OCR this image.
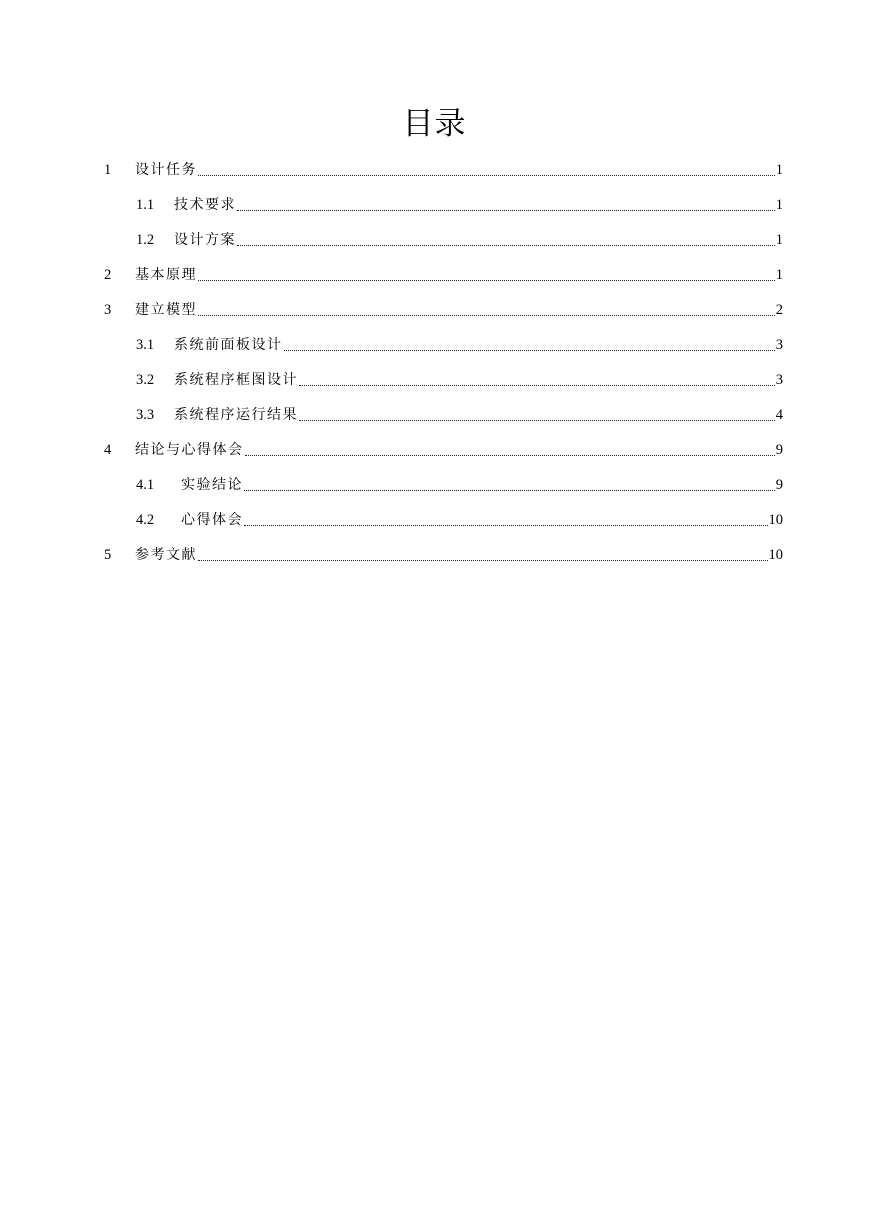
目录
1	设计任务	1
1.1	技术要求	1
1.2	设计方案	1
2	基本原理	1
3	建立模型	2
3.1	系统前面板设计	3
3.2	系统程序框图设计	3
3.3	系统程序运行结果	4
4	结论与心得体会	9
4.1	实验结论	9
4.2	心得体会	10
5	参考文献	10
